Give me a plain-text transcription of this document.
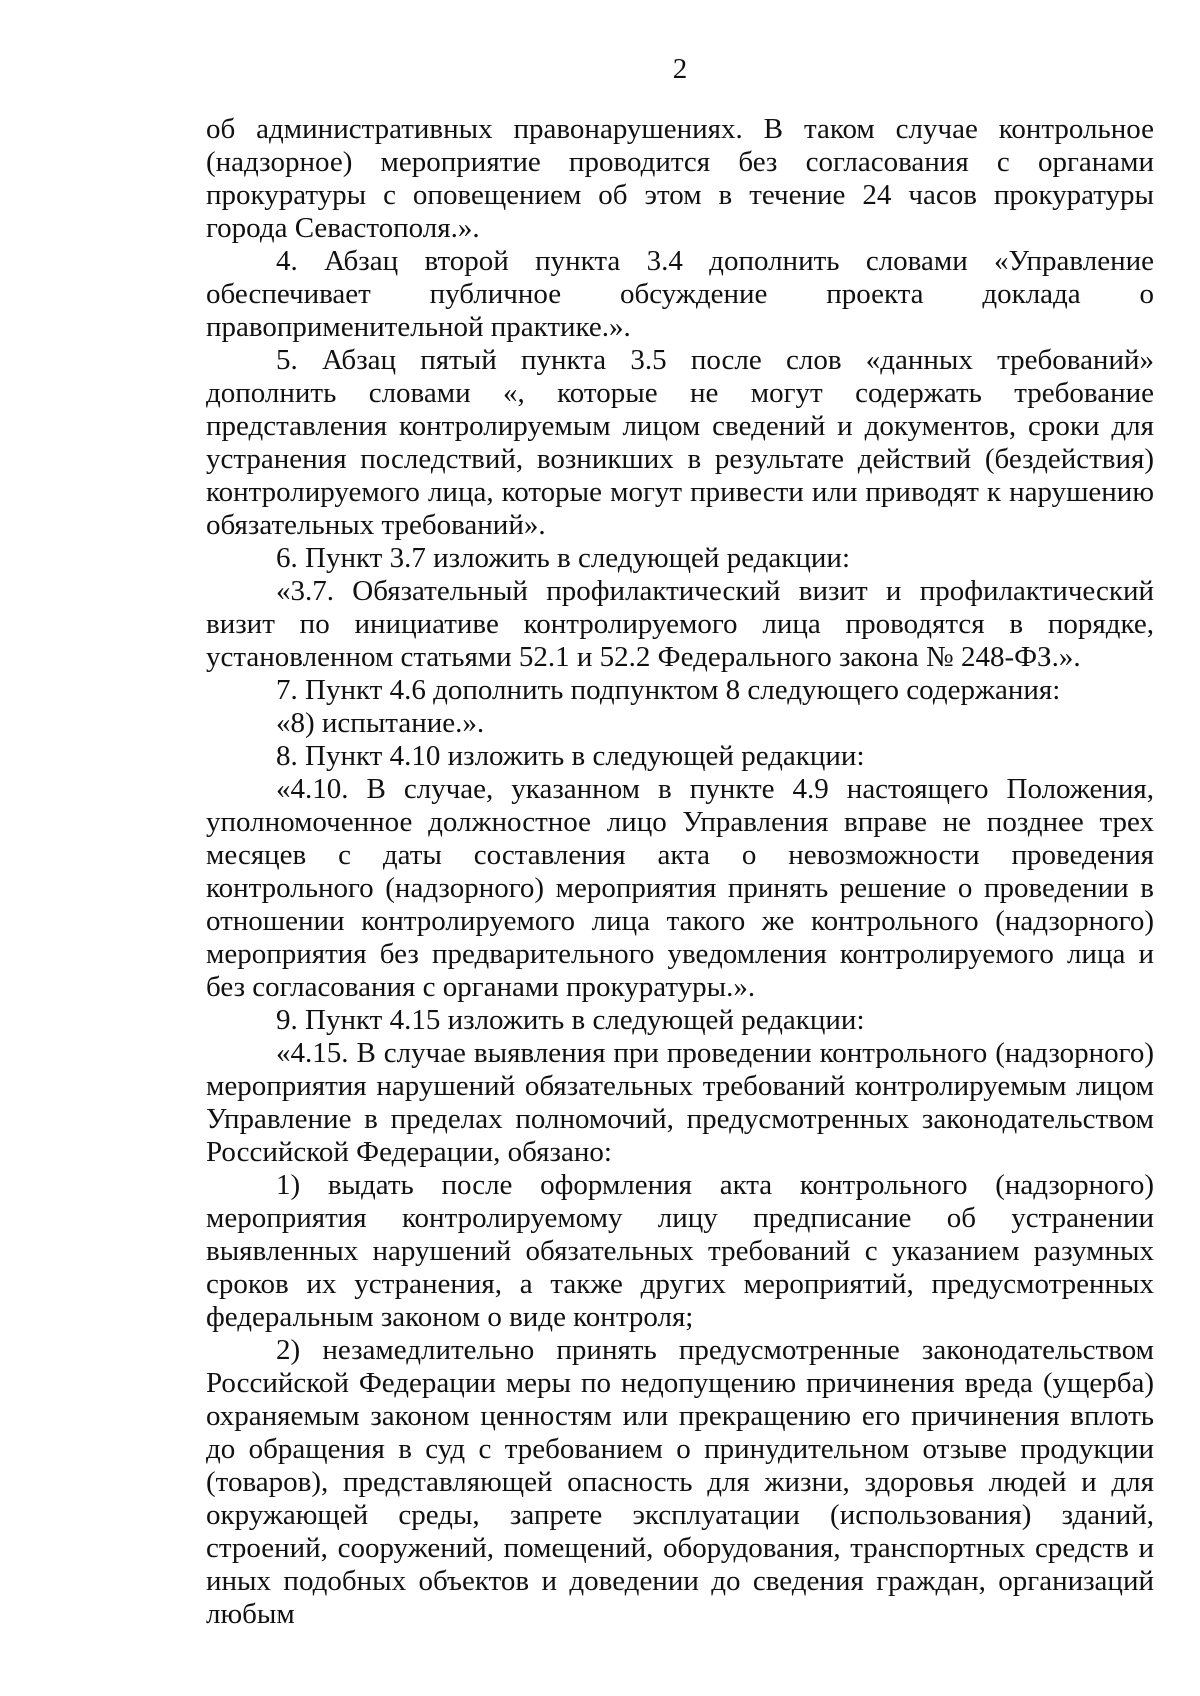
2

об административных правонарушениях. В таком случае контрольное (надзорное) мероприятие проводится без согласования с органами прокуратуры с оповещением об этом в течение 24 часов прокуратуры города Севастополя.».

4. Абзац второй пункта 3.4 дополнить словами «Управление обеспечивает публичное обсуждение проекта доклада о правоприменительной практике.».

5. Абзац пятый пункта 3.5 после слов «данных требований» дополнить словами «, которые не могут содержать требование представления контролируемым лицом сведений и документов, сроки для устранения последствий, возникших в результате действий (бездействия) контролируемого лица, которые могут привести или приводят к нарушению обязательных требований».

6. Пункт 3.7 изложить в следующей редакции:

«3.7. Обязательный профилактический визит и профилактический визит по инициативе контролируемого лица проводятся в порядке, установленном статьями 52.1 и 52.2 Федерального закона № 248-ФЗ.».

7. Пункт 4.6 дополнить подпунктом 8 следующего содержания:

«8) испытание.».

8. Пункт 4.10 изложить в следующей редакции:

«4.10. В случае, указанном в пункте 4.9 настоящего Положения, уполномоченное должностное лицо Управления вправе не позднее трех месяцев с даты составления акта о невозможности проведения контрольного (надзорного) мероприятия принять решение о проведении в отношении контролируемого лица такого же контрольного (надзорного) мероприятия без предварительного уведомления контролируемого лица и без согласования с органами прокуратуры.».

9. Пункт 4.15 изложить в следующей редакции:

«4.15. В случае выявления при проведении контрольного (надзорного) мероприятия нарушений обязательных требований контролируемым лицом Управление в пределах полномочий, предусмотренных законодательством Российской Федерации, обязано:

1) выдать после оформления акта контрольного (надзорного) мероприятия контролируемому лицу предписание об устранении выявленных нарушений обязательных требований с указанием разумных сроков их устранения, а также других мероприятий, предусмотренных федеральным законом о виде контроля;

2) незамедлительно принять предусмотренные законодательством Российской Федерации меры по недопущению причинения вреда (ущерба) охраняемым законом ценностям или прекращению его причинения вплоть до обращения в суд с требованием о принудительном отзыве продукции (товаров), представляющей опасность для жизни, здоровья людей и для окружающей среды, запрете эксплуатации (использования) зданий, строений, сооружений, помещений, оборудования, транспортных средств и иных подобных объектов и доведении до сведения граждан, организаций любым
